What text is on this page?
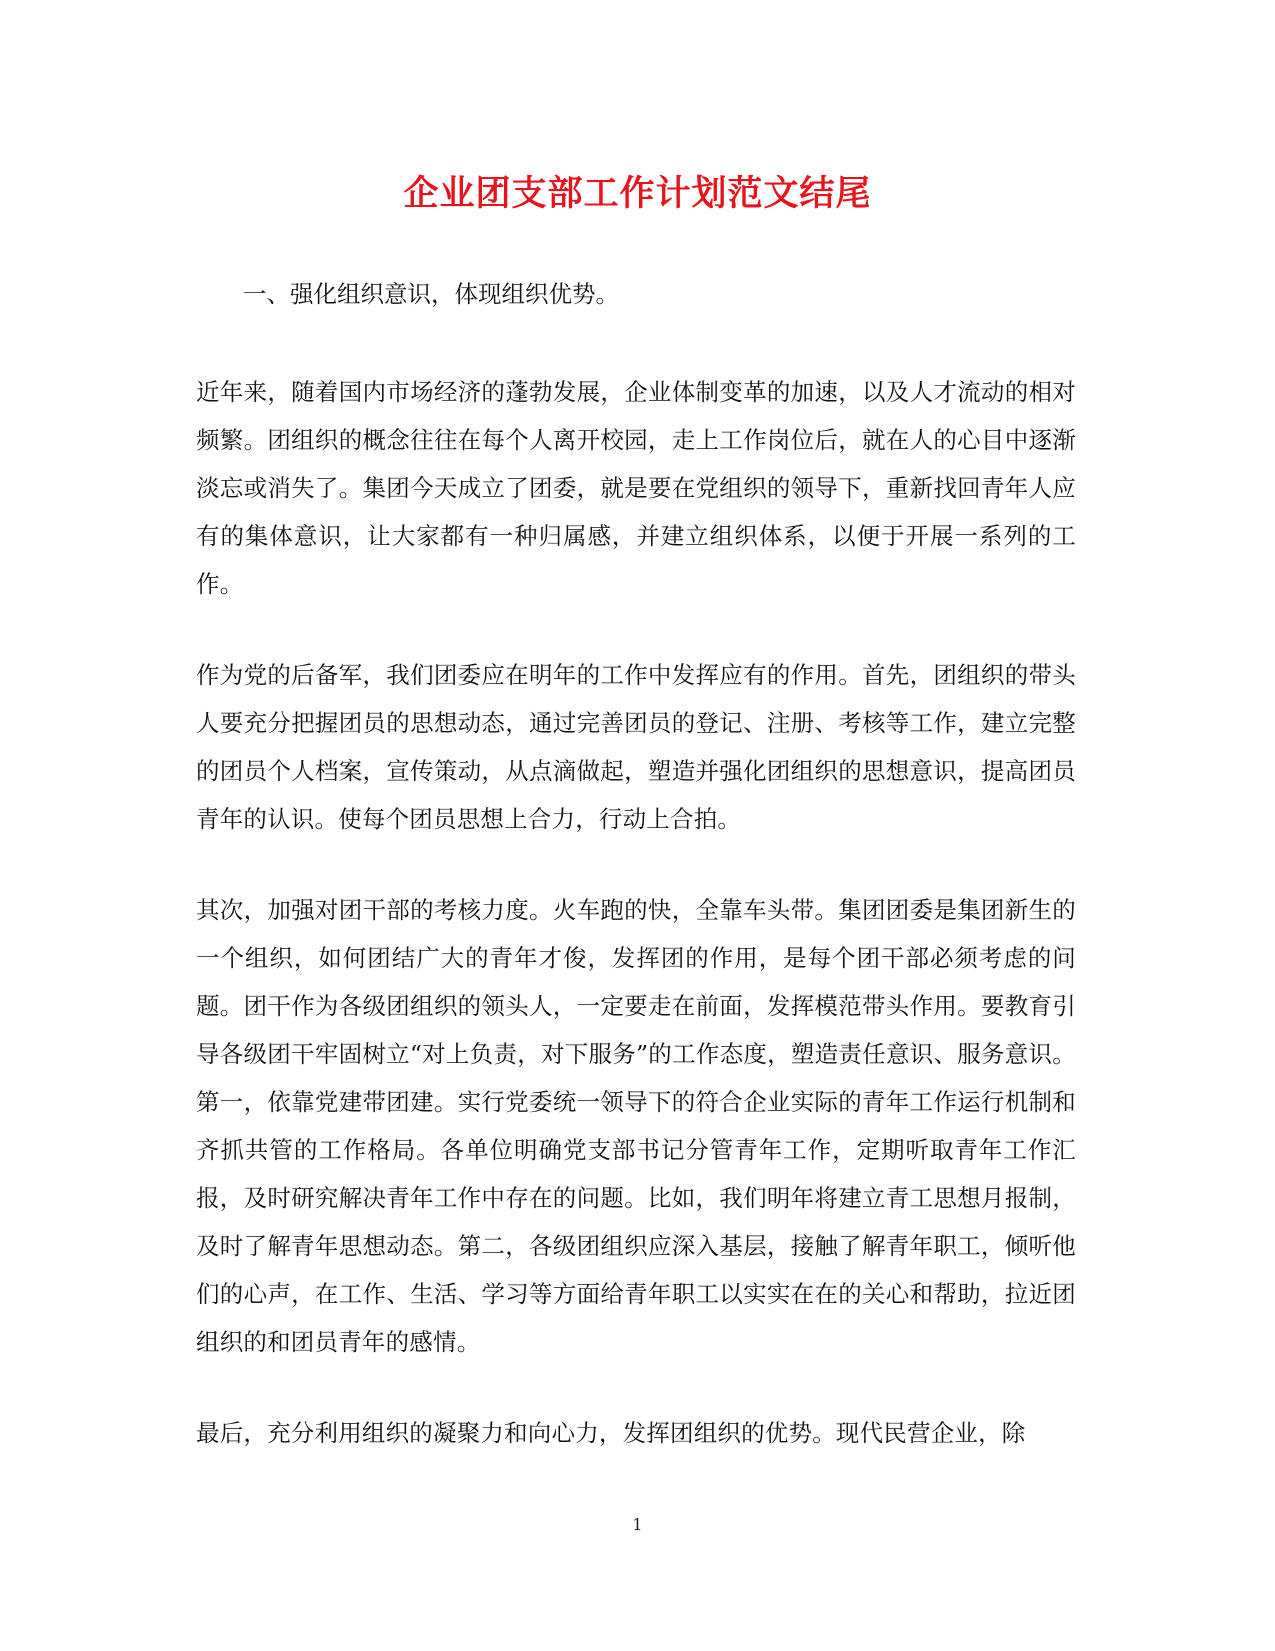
企业团支部工作计划范文结尾
一、强化组织意识，体现组织优势。

近年来，随着国内市场经济的蓬勃发展，企业体制变革的加速，以及人才流动的相对频繁。团组织的概念往往在每个人离开校园，走上工作岗位后，就在人的心目中逐渐淡忘或消失了。集团今天成立了团委，就是要在党组织的领导下，重新找回青年人应有的集体意识，让大家都有一种归属感，并建立组织体系，以便于开展一系列的工作。

作为党的后备军，我们团委应在明年的工作中发挥应有的作用。首先，团组织的带头人要充分把握团员的思想动态，通过完善团员的登记、注册、考核等工作，建立完整的团员个人档案，宣传策动，从点滴做起，塑造并强化团组织的思想意识，提高团员青年的认识。使每个团员思想上合力，行动上合拍。

其次，加强对团干部的考核力度。火车跑的快，全靠车头带。集团团委是集团新生的一个组织，如何团结广大的青年才俊，发挥团的作用，是每个团干部必须考虑的问题。团干作为各级团组织的领头人，一定要走在前面，发挥模范带头作用。要教育引导各级团干牢固树立“对上负责，对下服务”的工作态度，塑造责任意识、服务意识。第一，依靠党建带团建。实行党委统一领导下的符合企业实际的青年工作运行机制和齐抓共管的工作格局。各单位明确党支部书记分管青年工作，定期听取青年工作汇报，及时研究解决青年工作中存在的问题。比如，我们明年将建立青工思想月报制，及时了解青年思想动态。第二，各级团组织应深入基层，接触了解青年职工，倾听他们的心声，在工作、生活、学习等方面给青年职工以实实在在的关心和帮助，拉近团组织的和团员青年的感情。

最后，充分利用组织的凝聚力和向心力，发挥团组织的优势。现代民营企业，除

1
